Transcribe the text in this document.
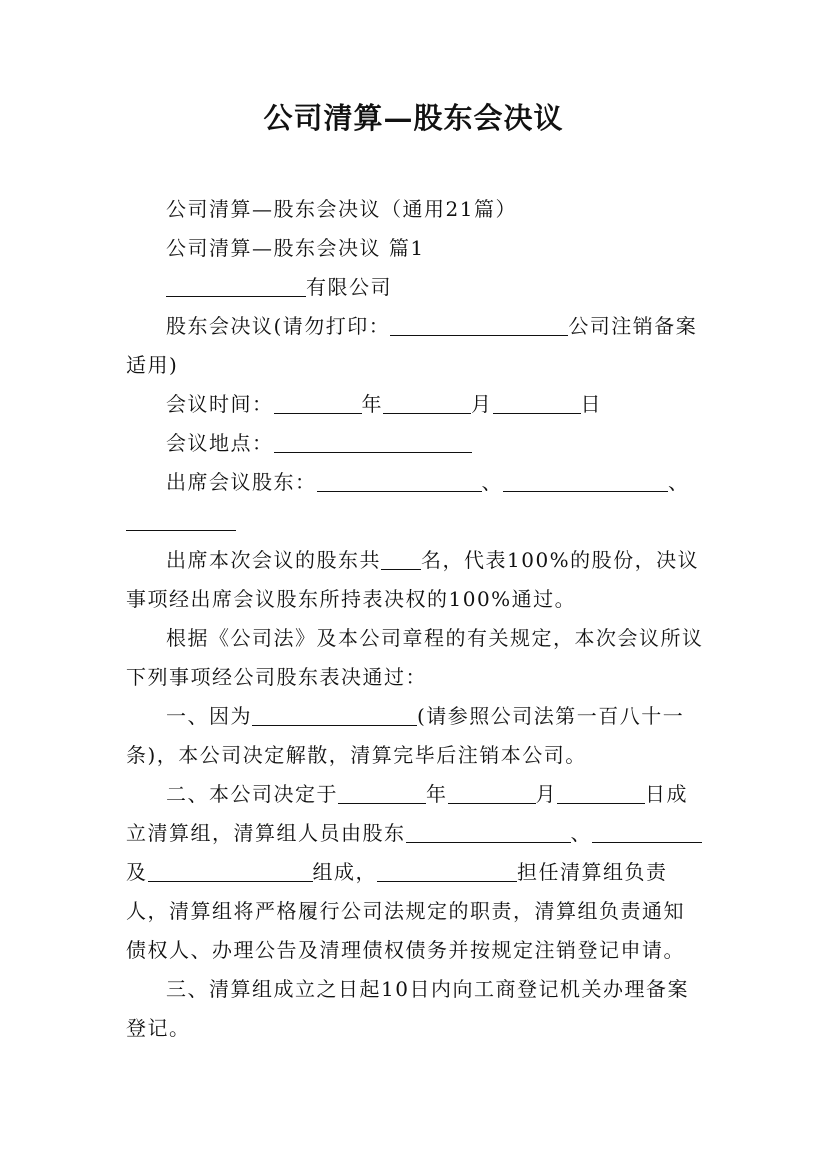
公司清算—股东会决议

公司清算—股东会决议（通用21篇）

公司清算—股东会决议 篇1

有限公司

股东会决议(请勿打印：	公司注销备案适用)

会议时间：	年	月	日

会议地点：

出席会议股东：	、	、

出席本次会议的股东共 名，代表100%的股份，决议事项经出席会议股东所持表决权的100%通过。

根据《公司法》及本公司章程的有关规定，本次会议所议下列事项经公司股东表决通过：

一、因为	(请参照公司法第一百八十一条)，本公司决定解散，清算完毕后注销本公司。

二、本公司决定于	年	月	日成立清算组，清算组人员由股东	、及	组成，	担任清算组负责人，清算组将严格履行公司法规定的职责，清算组负责通知债权人、办理公告及清理债权债务并按规定注销登记申请。

三、清算组成立之日起10日内向工商登记机关办理备案登记。
